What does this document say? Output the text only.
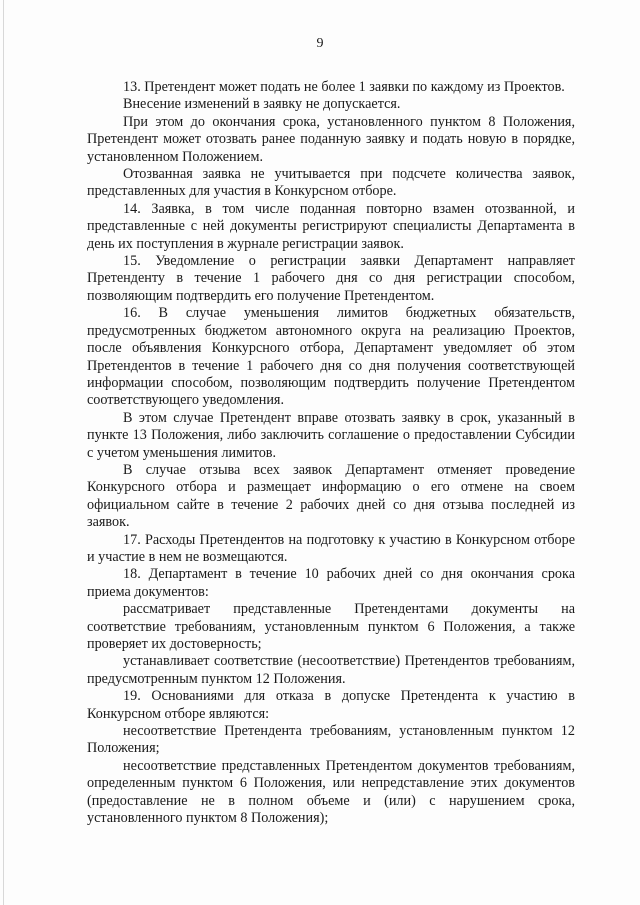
9

13. Претендент может подать не более 1 заявки по каждому из Проектов.

Внесение изменений в заявку не допускается.

При этом до окончания срока, установленного пунктом 8 Положения, Претендент может отозвать ранее поданную заявку и подать новую в порядке, установленном Положением.

Отозванная заявка не учитывается при подсчете количества заявок, представленных для участия в Конкурсном отборе.

14. Заявка, в том числе поданная повторно взамен отозванной, и представленные с ней документы регистрируют специалисты Департамента в день их поступления в журнале регистрации заявок.

15. Уведомление о регистрации заявки Департамент направляет Претенденту в течение 1 рабочего дня со дня регистрации способом, позволяющим подтвердить его получение Претендентом.

16. В случае уменьшения лимитов бюджетных обязательств, предусмотренных бюджетом автономного округа на реализацию Проектов, после объявления Конкурсного отбора, Департамент уведомляет об этом Претендентов в течение 1 рабочего дня со дня получения соответствующей информации способом, позволяющим подтвердить получение Претендентом соответствующего уведомления.

В этом случае Претендент вправе отозвать заявку в срок, указанный в пункте 13 Положения, либо заключить соглашение о предоставлении Субсидии с учетом уменьшения лимитов.

В случае отзыва всех заявок Департамент отменяет проведение Конкурсного отбора и размещает информацию о его отмене на своем официальном сайте в течение 2 рабочих дней со дня отзыва последней из заявок.

17. Расходы Претендентов на подготовку к участию в Конкурсном отборе и участие в нем не возмещаются.

18. Департамент в течение 10 рабочих дней со дня окончания срока приема документов:

рассматривает представленные Претендентами документы на соответствие требованиям, установленным пунктом 6 Положения, а также проверяет их достоверность;

устанавливает соответствие (несоответствие) Претендентов требованиям, предусмотренным пунктом 12 Положения.

19. Основаниями для отказа в допуске Претендента к участию в Конкурсном отборе являются:

несоответствие Претендента требованиям, установленным пунктом 12 Положения;

несоответствие представленных Претендентом документов требованиям, определенным пунктом 6 Положения, или непредставление этих документов (предоставление не в полном объеме и (или) с нарушением срока, установленного пунктом 8 Положения);
